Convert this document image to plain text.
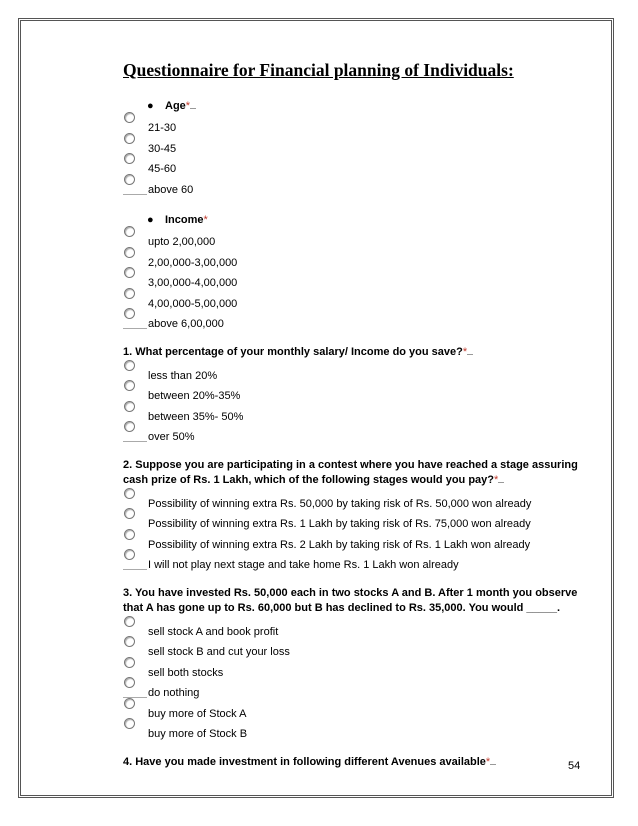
Questionnaire for Financial planning of Individuals:
● Age*
21-30
30-45
45-60
above 60
● Income*
upto 2,00,000
2,00,000-3,00,000
3,00,000-4,00,000
4,00,000-5,00,000
above 6,00,000
1. What percentage of your monthly salary/ Income do you save?*
less than 20%
between 20%-35%
between 35%- 50%
over 50%
2. Suppose you are participating in a contest where you have reached a stage assuring cash prize of Rs. 1 Lakh, which of the following stages would you pay?*
Possibility of winning extra Rs. 50,000 by taking risk of Rs. 50,000 won already
Possibility of winning extra Rs. 1 Lakh by taking risk of Rs. 75,000 won already
Possibility of winning extra Rs. 2 Lakh by taking risk of Rs. 1 Lakh won already
I will not play next stage and take home Rs. 1 Lakh won already
3. You have invested Rs. 50,000 each in two stocks A and B. After 1 month you observe that A has gone up to Rs. 60,000 but B has declined to Rs. 35,000. You would _____.
sell stock A and book profit
sell stock B and cut your loss
sell both stocks
do nothing
buy more of Stock A
buy more of Stock B
4. Have you made investment in following different Avenues available*	54
